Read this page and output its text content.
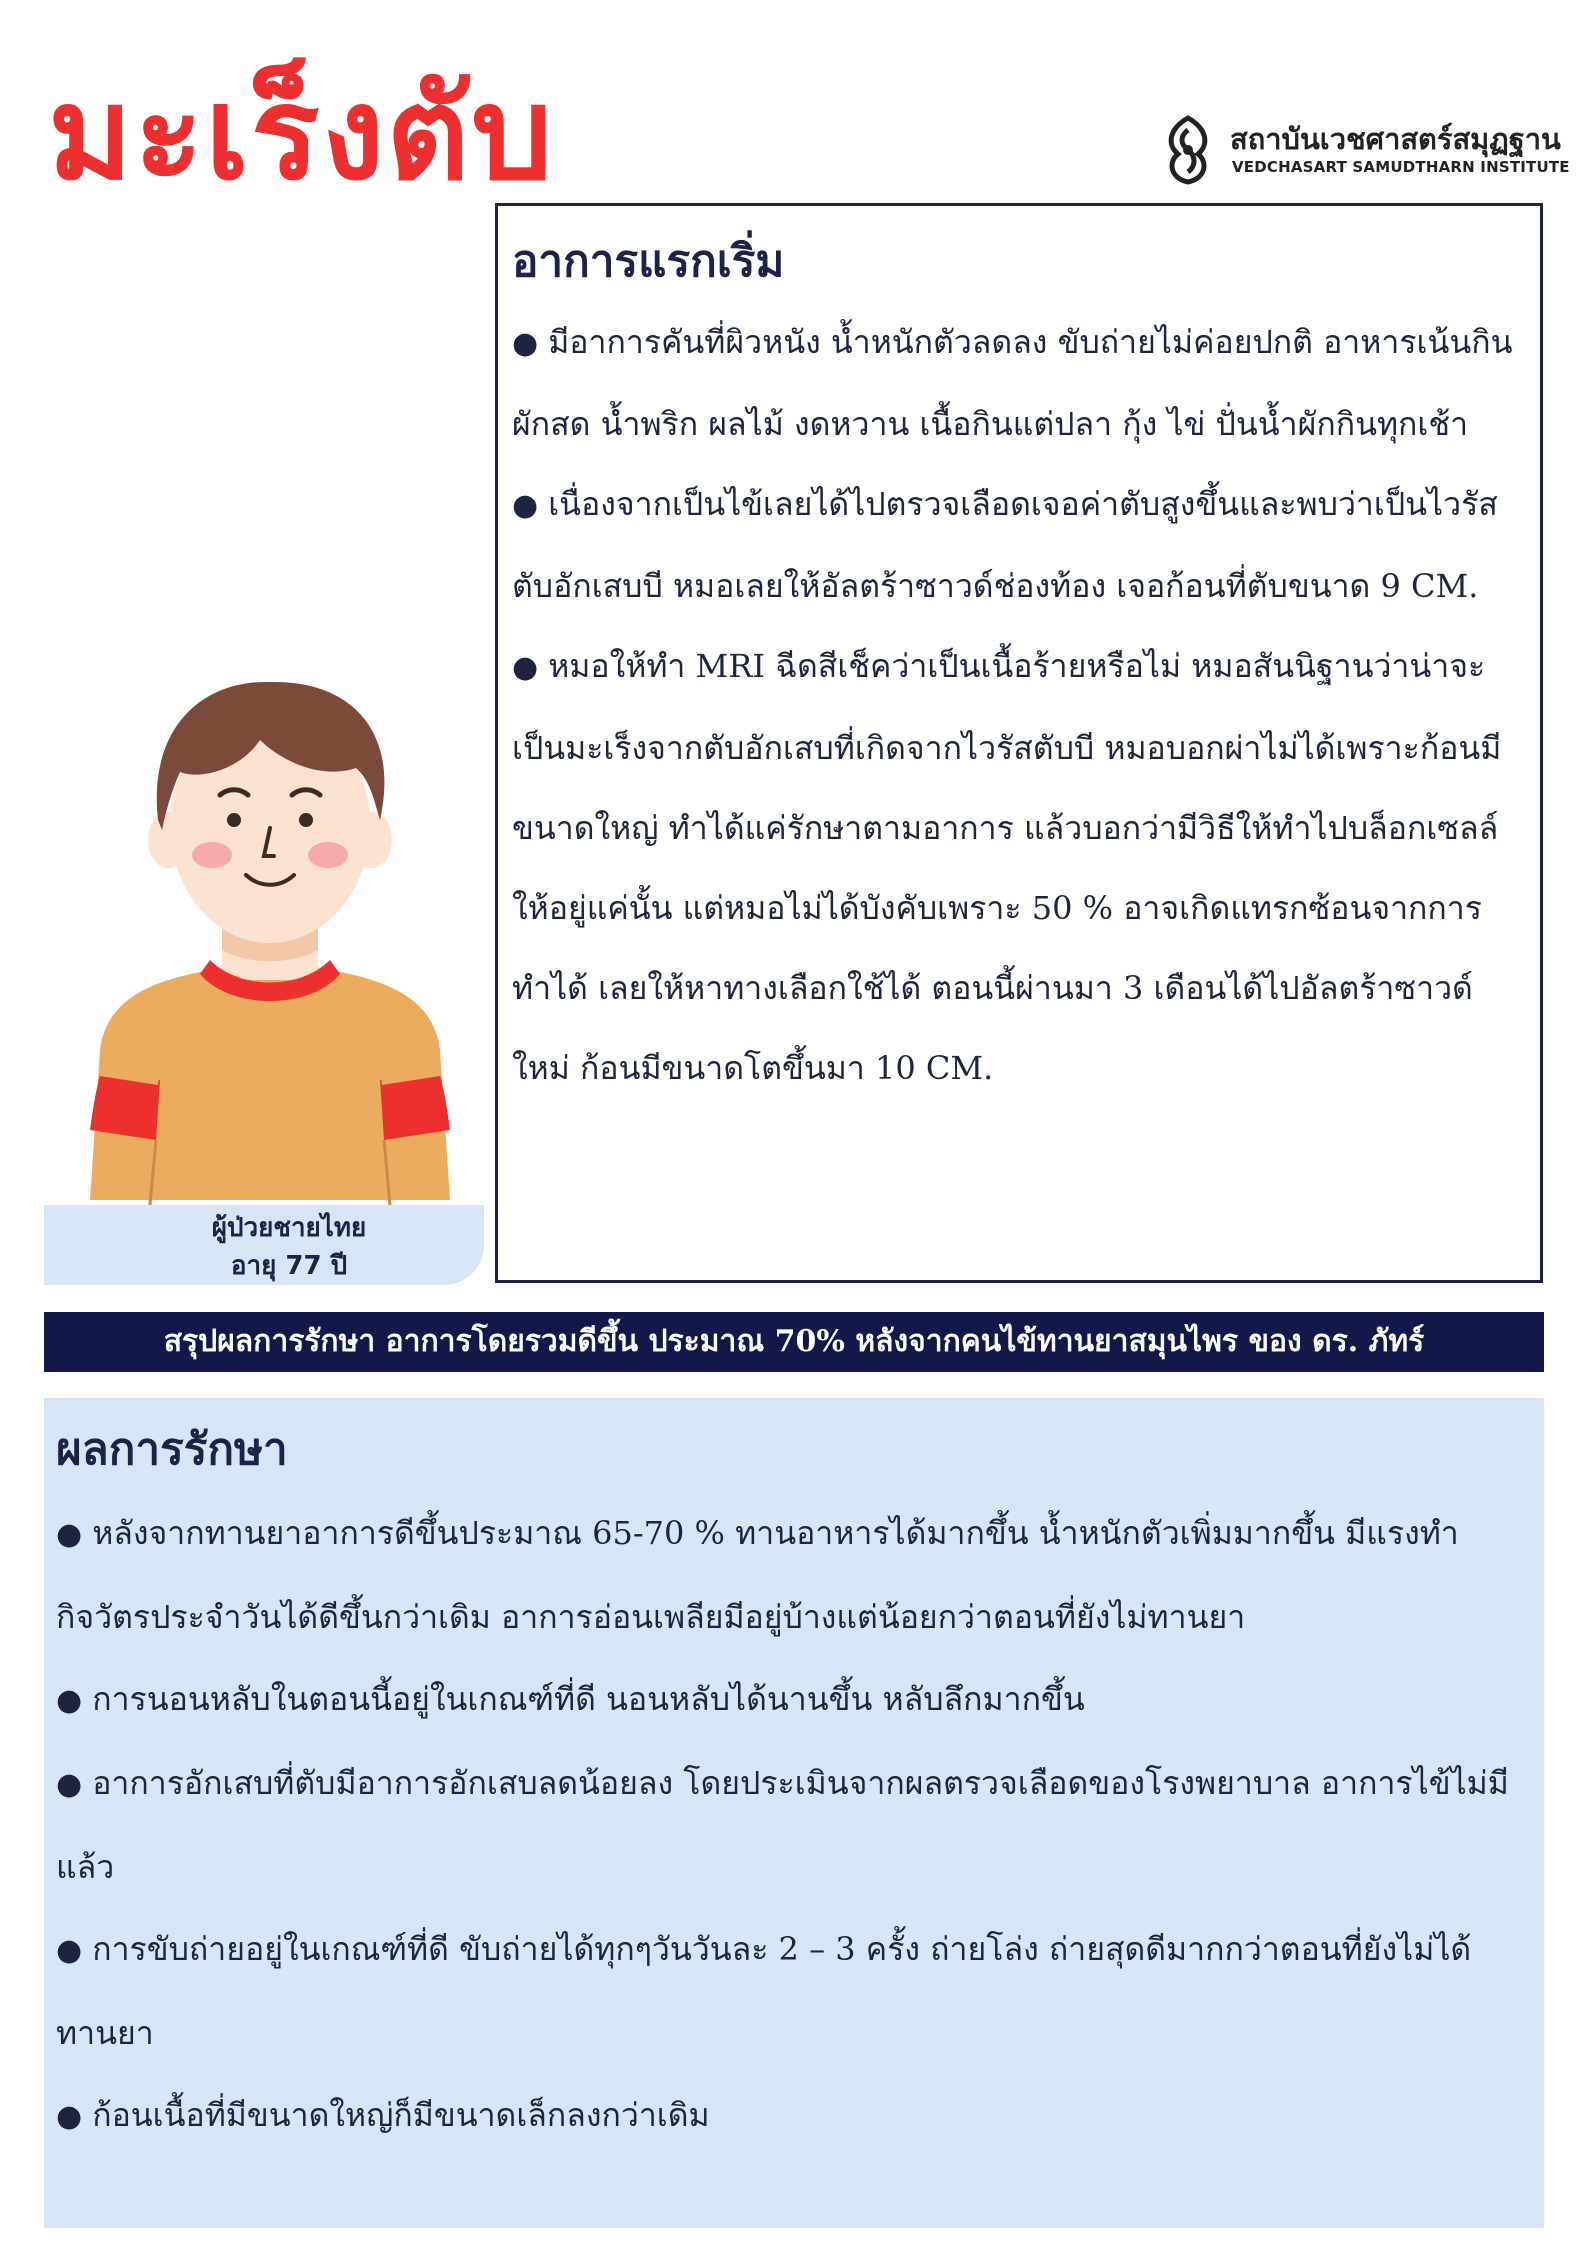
มะเร็งตับ	สถาบันเวชศาสตร์สมุฏฐาน
VEDCHASART SAMUDTHARN INSTITUTE
อาการแรกเริ่ม

● มีอาการคันที่ผิวหนัง น้ำหนักตัวลดลง ขับถ่ายไม่ค่อยปกติ อาหารเน้นกินผักสด น้ำพริก ผลไม้ งดหวาน เนื้อกินแต่ปลา กุ้ง ไข่ ปั่นน้ำผักกินทุกเช้า

● เนื่องจากเป็นไข้เลยได้ไปตรวจเลือดเจอค่าตับสูงขึ้นและพบว่าเป็นไวรัสตับอักเสบบี หมอเลยให้อัลตร้าซาวด์ช่องท้อง เจอก้อนที่ตับขนาด 9 CM.

● หมอให้ทำ MRI ฉีดสีเช็คว่าเป็นเนื้อร้ายหรือไม่ หมอสันนิฐานว่าน่าจะเป็นมะเร็งจากตับอักเสบที่เกิดจากไวรัสตับบี หมอบอกผ่าไม่ได้เพราะก้อนมีขนาดใหญ่ ทำได้แค่รักษาตามอาการ แล้วบอกว่ามีวิธีให้ทำไปบล็อกเซลล์ให้อยู่แค่นั้น แต่หมอไม่ได้บังคับเพราะ 50 % อาจเกิดแทรกซ้อนจากการทำได้ เลยให้หาทางเลือกใช้ได้ ตอนนี้ผ่านมา 3 เดือนได้ไปอัลตร้าซาวด์ใหม่ ก้อนมีขนาดโตขึ้นมา 10 CM.

ผู้ป่วยชายไทย
อายุ 77 ปี
สรุปผลการรักษา อาการโดยรวมดีขึ้น ประมาณ 70% หลังจากคนไข้ทานยาสมุนไพร ของ ดร. ภัทร์
ผลการรักษา

● หลังจากทานยาอาการดีขึ้นประมาณ 65-70 % ทานอาหารได้มากขึ้น น้ำหนักตัวเพิ่มมากขึ้น มีแรงทำกิจวัตรประจำวันได้ดีขึ้นกว่าเดิม อาการอ่อนเพลียมีอยู่บ้างแต่น้อยกว่าตอนที่ยังไม่ทานยา

● การนอนหลับในตอนนี้อยู่ในเกณฑ์ที่ดี นอนหลับได้นานขึ้น หลับลึกมากขึ้น

● อาการอักเสบที่ตับมีอาการอักเสบลดน้อยลง โดยประเมินจากผลตรวจเลือดของโรงพยาบาล อาการไข้ไม่มีแล้ว

● การขับถ่ายอยู่ในเกณฑ์ที่ดี ขับถ่ายได้ทุกๆวันวันละ 2 – 3 ครั้ง ถ่ายโล่ง ถ่ายสุดดีมากกว่าตอนที่ยังไม่ได้ทานยา

● ก้อนเนื้อที่มีขนาดใหญ่ก็มีขนาดเล็กลงกว่าเดิม
